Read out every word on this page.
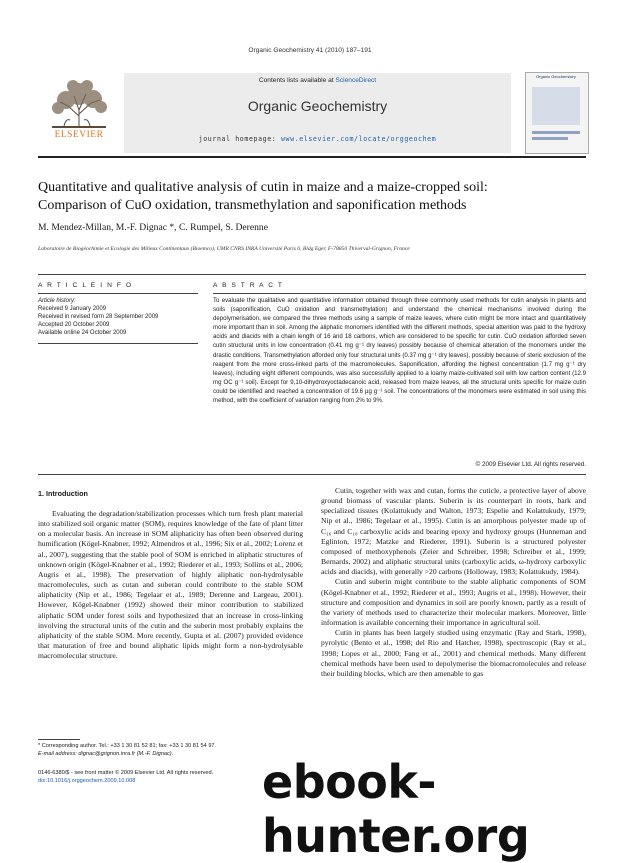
Organic Geochemistry 41 (2010) 187–191
Contents lists available at ScienceDirect
Organic Geochemistry
journal homepage: www.elsevier.com/locate/orggeochem
ELSEVIER
Organic Geochemistry
Quantitative and qualitative analysis of cutin in maize and a maize-cropped soil:
Comparison of CuO oxidation, transmethylation and saponification methods
M. Mendez-Millan, M.-F. Dignac *, C. Rumpel, S. Derenne
Laboratoire de Biogéochimie et Ecologie des Milieux Continentaux (Bioemco), UMR CNRS INRA Université Paris 6, Bldg Eger, F-78850 Thiverval-Grignon, France
A R T I C L E I N F O
Article history:
Received 9 January 2009
Received in revised form 28 September 2009
Accepted 20 October 2009
Available online 24 October 2009
A B S T R A C T
To evaluate the qualitative and quantitative information obtained through three commonly used methods for cutin analysis in plants and soils (saponification, CuO oxidation and transmethylation) and understand the chemical mechanisms involved during the depolymerisation, we compared the three methods using a sample of maize leaves, where cutin might be more intact and quantitatively more important than in soil. Among the aliphatic monomers identified with the different methods, special attention was paid to the hydroxy acids and diacids with a chain length of 16 and 18 carbons, which are considered to be specific for cutin. CuO oxidation afforded seven cutin structural units in low concentration (0.41 mg g⁻¹ dry leaves) possibly because of chemical alteration of the monomers under the drastic conditions. Transmethylation afforded only four structural units (0.37 mg g⁻¹ dry leaves), possibly because of steric exclusion of the reagent from the more cross-linked parts of the macromolecules. Saponification, affording the highest concentration (1.7 mg g⁻¹ dry leaves), including eight different compounds, was also successfully applied to a loamy maize-cultivated soil with low carbon content (12.9 mg OC g⁻¹ soil). Except for 9,10-dihydroxyoctadecanoic acid, released from maize leaves, all the structural units specific for maize cutin could be identified and reached a concentration of 19.6 µg g⁻¹ soil. The concentrations of the monomers were estimated in soil using this method, with the coefficient of variation ranging from 2% to 9%.
© 2009 Elsevier Ltd. All rights reserved.
1. Introduction

Evaluating the degradation/stabilization processes which turn fresh plant material into stabilized soil organic matter (SOM), requires knowledge of the fate of plant litter on a molecular basis. An increase in SOM aliphaticity has often been observed during humification (Kögel-Knabner, 1992; Almendros et al., 1996; Six et al., 2002; Lorenz et al., 2007), suggesting that the stable pool of SOM is enriched in aliphatic structures of unknown origin (Kögel-Knabner et al., 1992; Riederer et al., 1993; Sollins et al., 2006; Augris et al., 1998). The preservation of highly aliphatic non-hydrolysable macromolecules, such as cutan and suberan could contribute to the stable SOM aliphaticity (Nip et al., 1986; Tegelaar et al., 1989; Derenne and Largeau, 2001). However, Kögel-Knabner (1992) showed their minor contribution to stabilized aliphatic SOM under forest soils and hypothesized that an increase in cross-linking involving the structural units of the cutin and the suberin most probably explains the aliphaticity of the stable SOM. More recently, Gupta et al. (2007) provided evidence that maturation of free and bound aliphatic lipids might form a non-hydrolysable macromolecular structure.

Cutin, together with wax and cutan, forms the cuticle, a protective layer of above ground biomass of vascular plants. Suberin is its counterpart in roots, bark and specialized tissues (Kolattukudy and Walton, 1973; Espelie and Kolattukudy, 1979; Nip et al., 1986; Tegelaar et al., 1995). Cutin is an amorphous polyester made up of C₁₆ and C₁₈ carboxylic acids and bearing epoxy and hydroxy groups (Hunneman and Eglinton, 1972; Matzke and Riederer, 1991). Suberin is a structured polyester composed of methoxyphenols (Zeier and Schreiber, 1998; Schreiber et al., 1999; Bernards, 2002) and aliphatic structural units (carboxylic acids, ω-hydroxy carboxylic acids and diacids), with generally >20 carbons (Holloway, 1983; Kolattukudy, 1984).

Cutin and suberin might contribute to the stable aliphatic components of SOM (Kögel-Knabner et al., 1992; Riederer et al., 1993; Augris et al., 1998). However, their structure and composition and dynamics in soil are poorly known, partly as a result of the variety of methods used to characterize their molecular markers. Moreover, little information is available concerning their importance in agricultural soil.

Cutin in plants has been largely studied using enzymatic (Ray and Stark, 1998), pyrolytic (Bento et al., 1998; del Rio and Hatcher, 1998), spectroscopic (Ray et al., 1998; Lopes et al., 2000; Fang et al., 2001) and chemical methods. Many different chemical methods have been used to depolymerise the biomacromolecules and release their building blocks, which are then amenable to gas

* Corresponding author. Tel.: +33 1 30 81 52 81; fax: +33 1 30 81 54 97.
E-mail address: dignac@grignon.inra.fr (M.-F. Dignac).
0146-6380/$ - see front matter © 2009 Elsevier Ltd. All rights reserved.
doi:10.1016/j.orggeochem.2009.10.008	ebook-hunter.org
